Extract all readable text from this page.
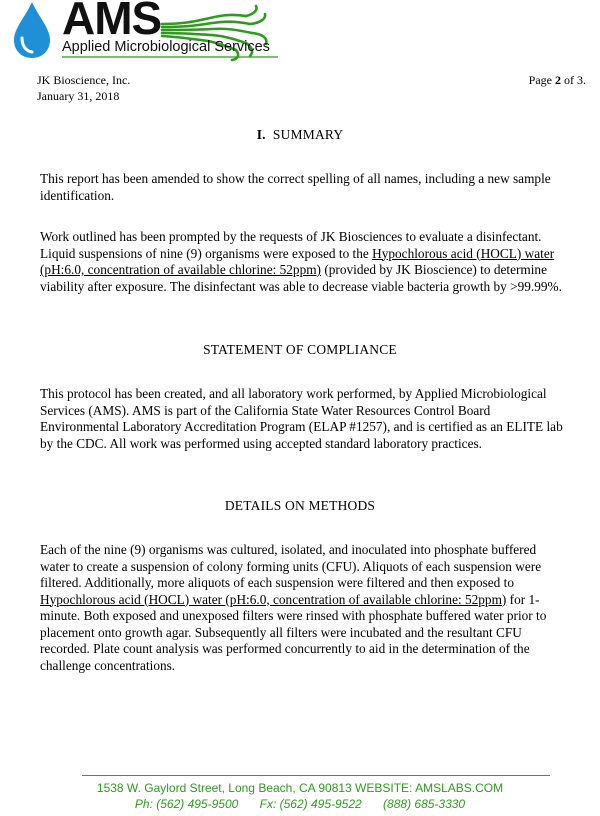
AMS
Applied Microbiological Services
JK Bioscience, Inc.
January 31, 2018
Page 2 of 3.
I. SUMMARY

This report has been amended to show the correct spelling of all names, including a new sample identification.

Work outlined has been prompted by the requests of JK Biosciences to evaluate a disinfectant. Liquid suspensions of nine (9) organisms were exposed to the Hypochlorous acid (HOCL) water (pH:6.0, concentration of available chlorine: 52ppm) (provided by JK Bioscience) to determine viability after exposure. The disinfectant was able to decrease viable bacteria growth by >99.99%.

STATEMENT OF COMPLIANCE

This protocol has been created, and all laboratory work performed, by Applied Microbiological Services (AMS). AMS is part of the California State Water Resources Control Board Environmental Laboratory Accreditation Program (ELAP #1257), and is certified as an ELITE lab by the CDC. All work was performed using accepted standard laboratory practices.

DETAILS ON METHODS

Each of the nine (9) organisms was cultured, isolated, and inoculated into phosphate buffered water to create a suspension of colony forming units (CFU). Aliquots of each suspension were filtered. Additionally, more aliquots of each suspension were filtered and then exposed to Hypochlorous acid (HOCL) water (pH:6.0, concentration of available chlorine: 52ppm) for 1-minute. Both exposed and unexposed filters were rinsed with phosphate buffered water prior to placement onto growth agar. Subsequently all filters were incubated and the resultant CFU recorded. Plate count analysis was performed concurrently to aid in the determination of the challenge concentrations.

1538 W. Gaylord Street, Long Beach, CA 90813 WEBSITE: AMSLABS.COM
Ph: (562) 495-9500 Fx: (562) 495-9522 (888) 685-3330
